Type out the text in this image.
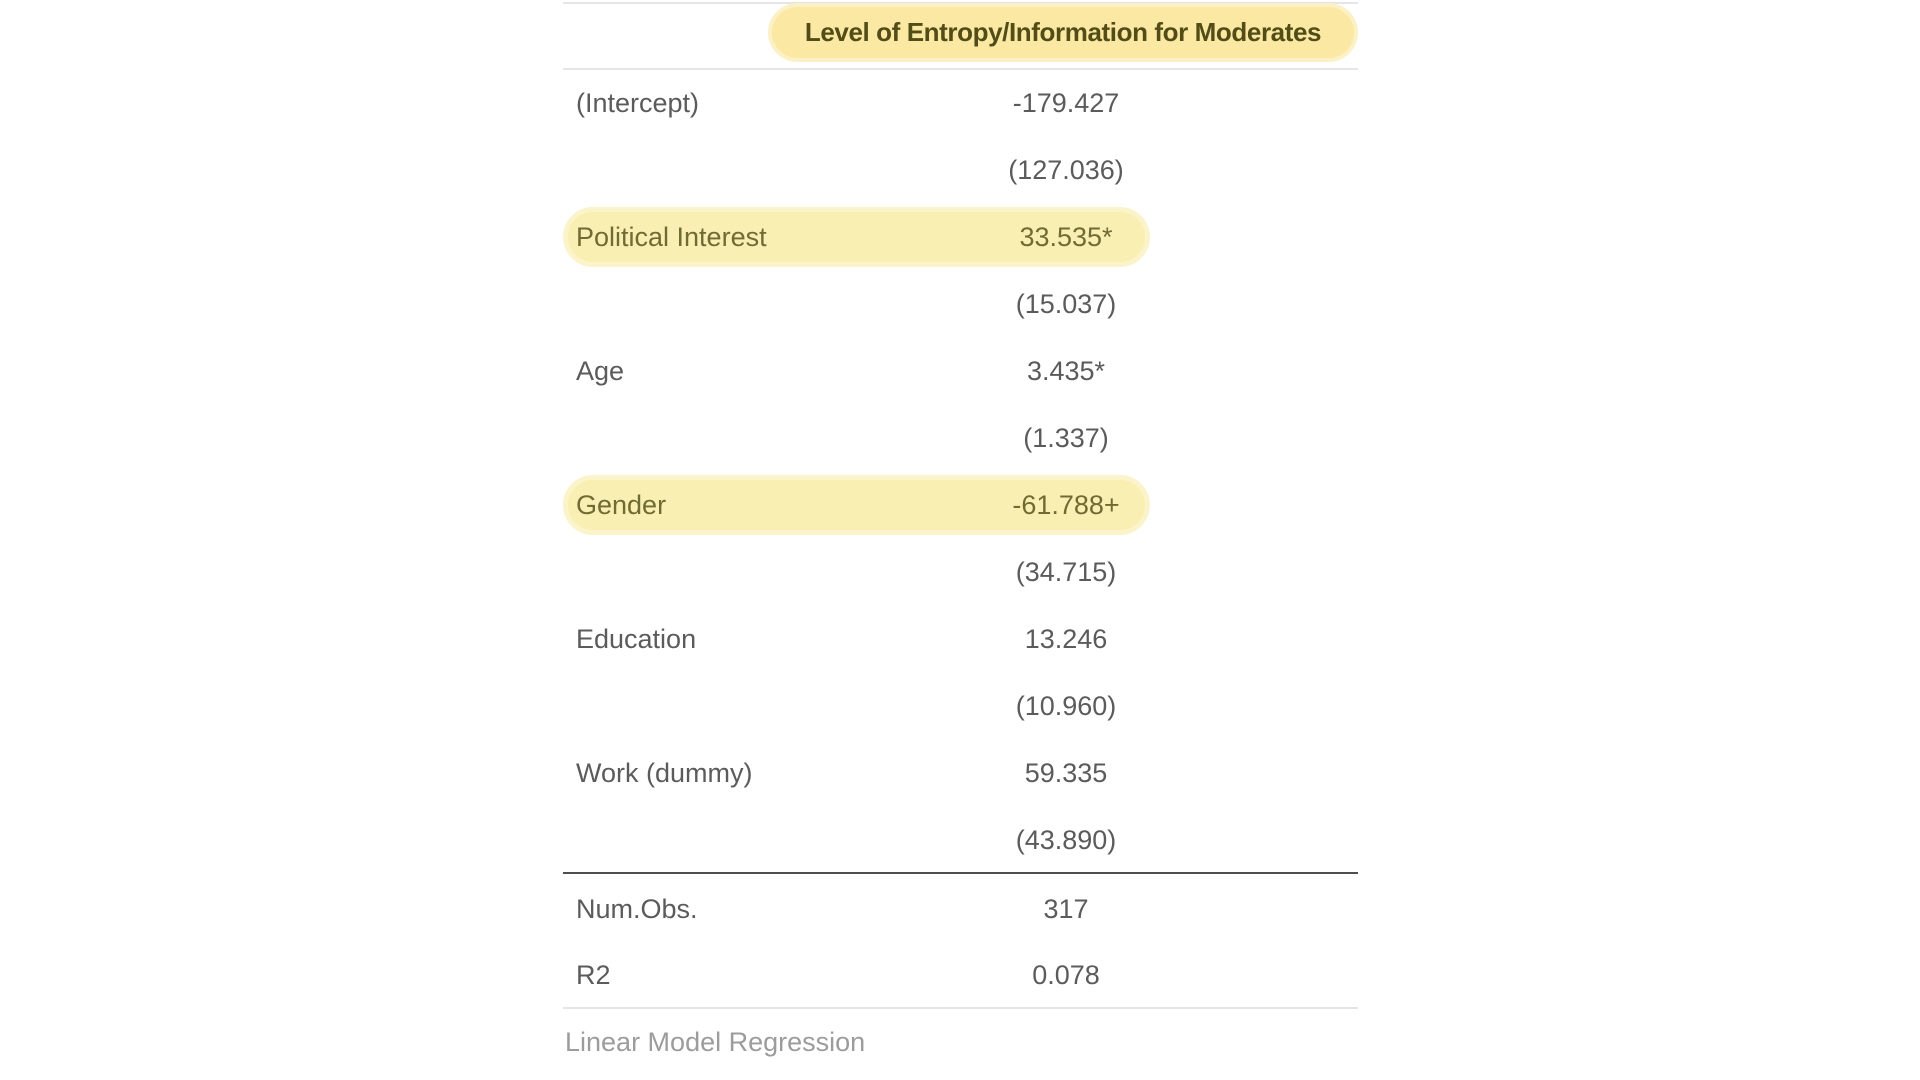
Level of Entropy/Information for Moderates
(Intercept)	-179.427
(127.036)
Political Interest	33.535*
(15.037)
Age	3.435*
(1.337)
Gender	-61.788+
(34.715)
Education	13.246
(10.960)
Work (dummy)	59.335
(43.890)
Num.Obs.	317
R2	0.078
Linear Model Regression
